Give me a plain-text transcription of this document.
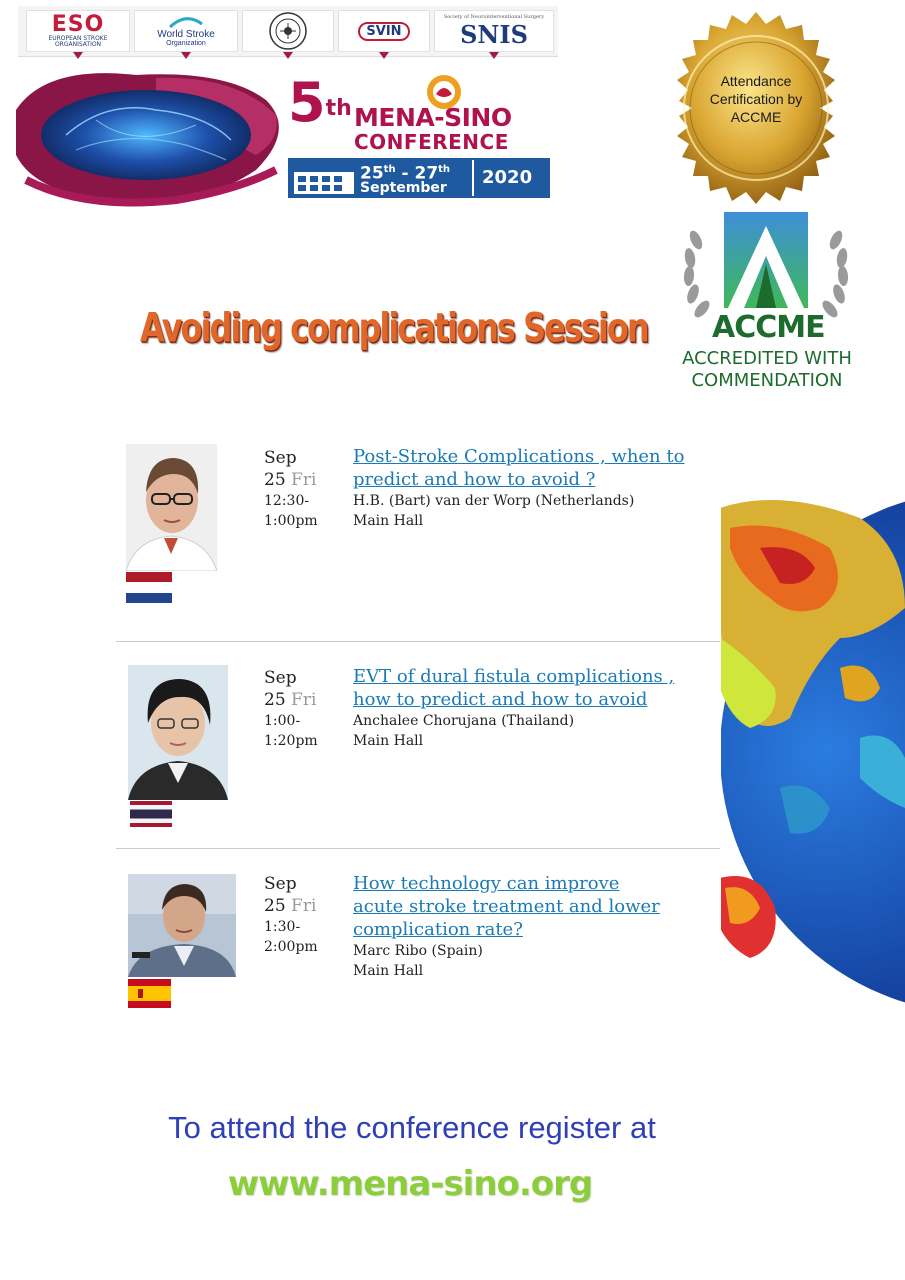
ESO
EUROPEAN STROKE ORGANISATION
World Stroke
Organization
SVIN
Society of Neurointerventional Surgery
SNIS
5th MENA-SINO
CONFERENCE
25th - 27th
September 2020
Attendance Certification by ACCME
ACCME
ACCREDITED WITH
COMMENDATION
Avoiding complications Session
Sep
25 Fri
12:30-
1:00pm
Post-Stroke Complications , when to predict and how to avoid ?
H.B. (Bart) van der Worp (Netherlands)
Main Hall
Sep
25 Fri
1:00-
1:20pm
EVT of dural fistula complications , how to predict and how to avoid
Anchalee Chorujana (Thailand)
Main Hall
Sep
25 Fri
1:30-
2:00pm
How technology can improve acute stroke treatment and lower complication rate?
Marc Ribo (Spain)
Main Hall
To attend the conference register at
www.mena-sino.org
